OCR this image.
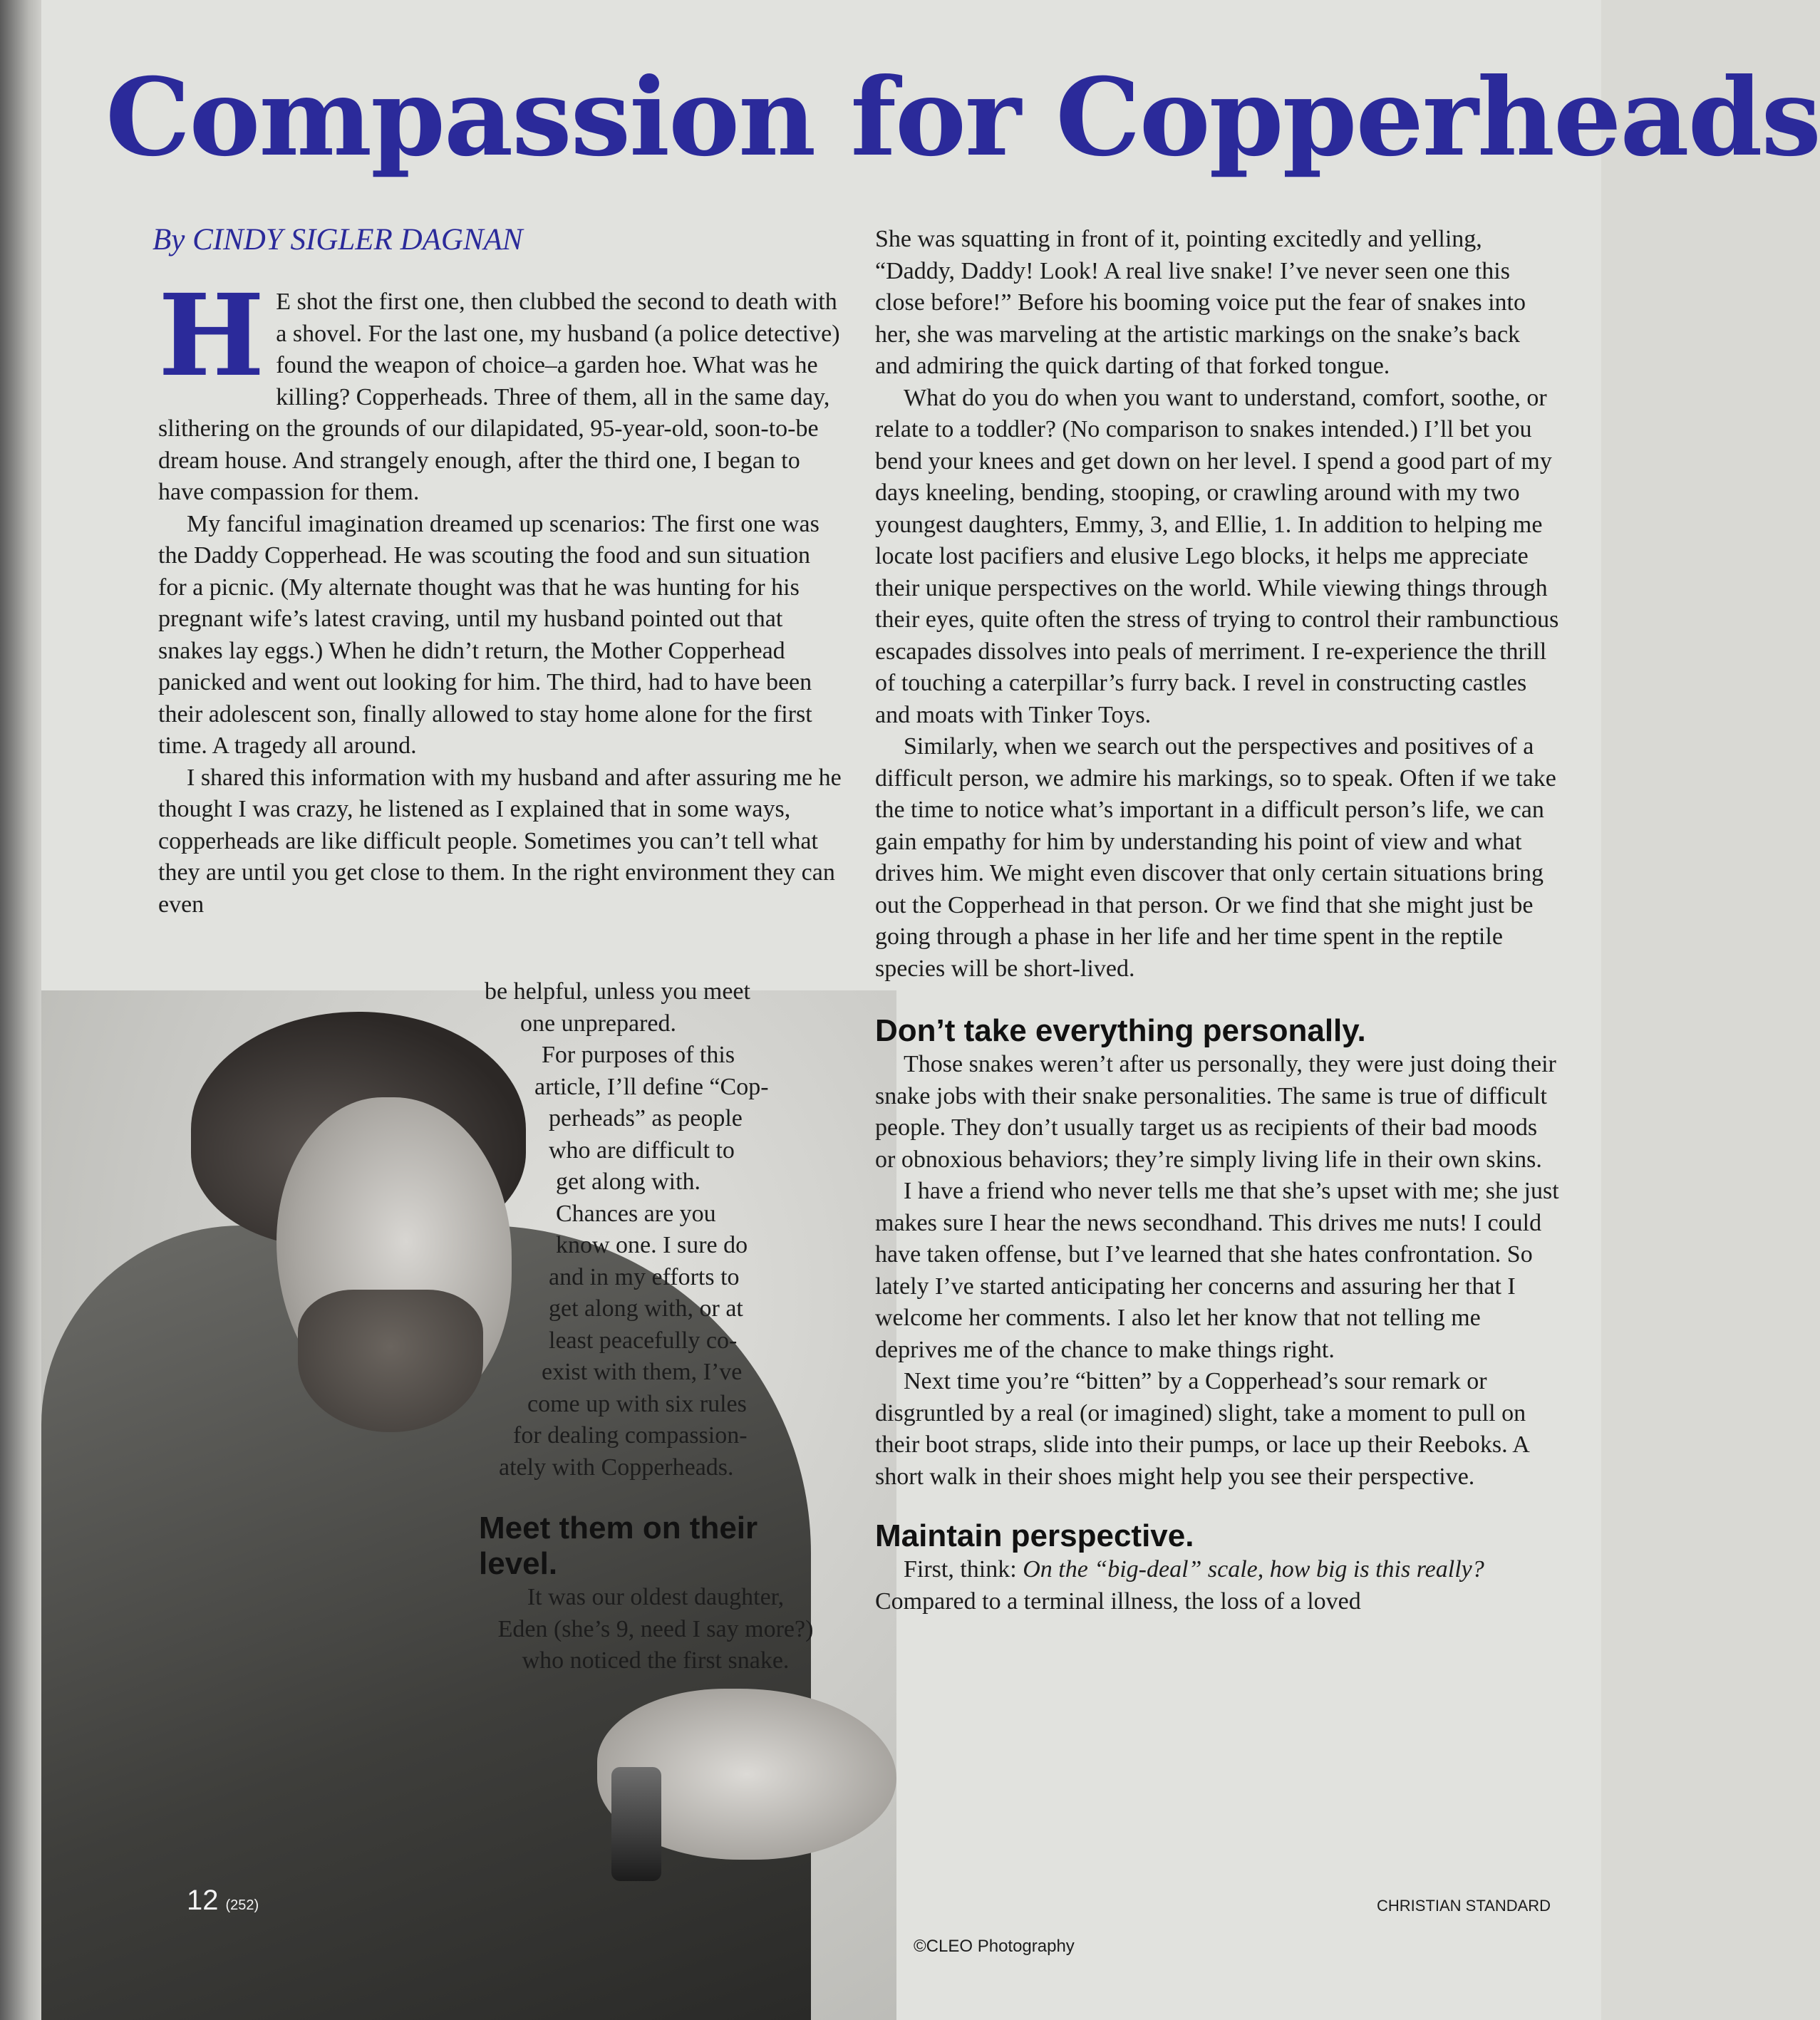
Compassion for Copperheads
By CINDY SIGLER DAGNAN

H E shot the first one, then clubbed the second to death with a shovel. For the last one, my husband (a police detective) found the weapon of choice–a garden hoe. What was he killing? Copperheads. Three of them, all in the same day, slithering on the grounds of our dilapidated, 95-year-old, soon-to-be dream house. And strangely enough, after the third one, I began to have compassion for them.

My fanciful imagination dreamed up scenarios: The first one was the Daddy Copperhead. He was scouting the food and sun situation for a picnic. (My alternate thought was that he was hunting for his pregnant wife’s latest craving, until my husband pointed out that snakes lay eggs.) When he didn’t return, the Mother Copperhead panicked and went out looking for him. The third, had to have been their adolescent son, finally allowed to stay home alone for the first time. A tragedy all around.

I shared this information with my husband and after assuring me he thought I was crazy, he listened as I explained that in some ways, copperheads are like difficult people. Sometimes you can’t tell what they are until you get close to them. In the right environment they can even

be helpful, unless you meet

one unprepared.

For purposes of this

article, I’ll define “Cop-

perheads” as people

who are difficult to

get along with.

Chances are you

know one. I sure do

and in my efforts to

get along with, or at

least peacefully co-

exist with them, I’ve

come up with six rules

for dealing compassion-

ately with Copperheads.

Meet them on their level.

It was our oldest daughter,

Eden (she’s 9, need I say more?)

who noticed the first snake.

She was squatting in front of it, pointing excitedly and yelling, “Daddy, Daddy! Look! A real live snake! I’ve never seen one this close before!” Before his booming voice put the fear of snakes into her, she was marveling at the artistic markings on the snake’s back and admiring the quick darting of that forked tongue.

What do you do when you want to understand, comfort, soothe, or relate to a toddler? (No comparison to snakes intended.) I’ll bet you bend your knees and get down on her level. I spend a good part of my days kneeling, bending, stooping, or crawling around with my two youngest daughters, Emmy, 3, and Ellie, 1. In addition to helping me locate lost pacifiers and elusive Lego blocks, it helps me appreciate their unique perspectives on the world. While viewing things through their eyes, quite often the stress of trying to control their rambunctious escapades dissolves into peals of merriment. I re-experience the thrill of touching a caterpillar’s furry back. I revel in constructing castles and moats with Tinker Toys.

Similarly, when we search out the perspectives and positives of a difficult person, we admire his markings, so to speak. Often if we take the time to notice what’s important in a difficult person’s life, we can gain empathy for him by understanding his point of view and what drives him. We might even discover that only certain situations bring out the Copperhead in that person. Or we find that she might just be going through a phase in her life and her time spent in the reptile species will be short-lived.

Don’t take everything personally.

Those snakes weren’t after us personally, they were just doing their snake jobs with their snake personalities. The same is true of difficult people. They don’t usually target us as recipients of their bad moods or obnoxious behaviors; they’re simply living life in their own skins.

I have a friend who never tells me that she’s upset with me; she just makes sure I hear the news secondhand. This drives me nuts! I could have taken offense, but I’ve learned that she hates confrontation. So lately I’ve started anticipating her concerns and assuring her that I welcome her comments. I also let her know that not telling me deprives me of the chance to make things right.

Next time you’re “bitten” by a Copperhead’s sour remark or disgruntled by a real (or imagined) slight, take a moment to pull on their boot straps, slide into their pumps, or lace up their Reeboks. A short walk in their shoes might help you see their perspective.

Maintain perspective.

First, think: On the “big-deal” scale, how big is this really? Compared to a terminal illness, the loss of a loved

12 (252)	CHRISTIAN STANDARD
©CLEO Photography
